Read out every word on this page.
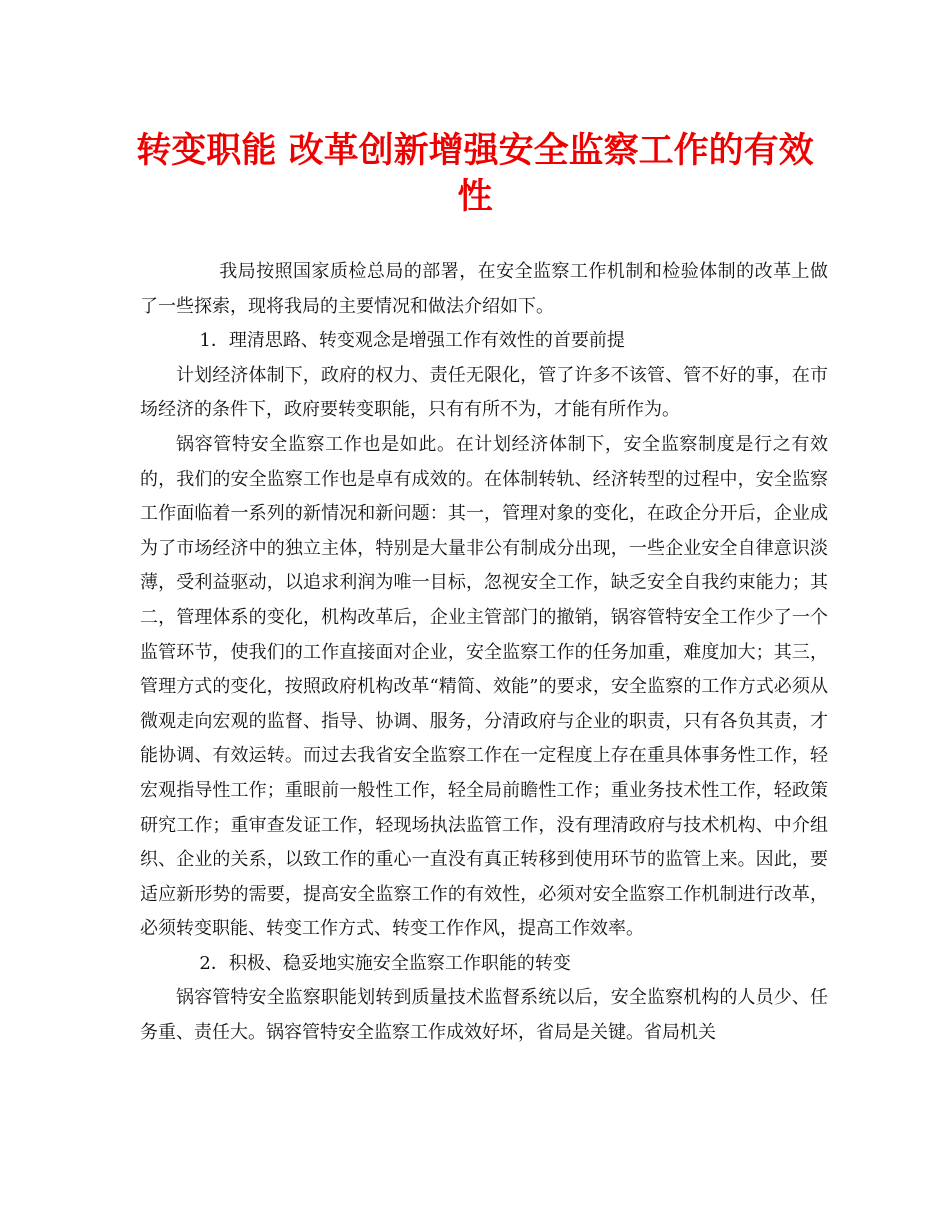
转变职能 改革创新增强安全监察工作的有效性

我局按照国家质检总局的部署，在安全监察工作机制和检验体制的改革上做了一些探索，现将我局的主要情况和做法介绍如下。

1．理清思路、转变观念是增强工作有效性的首要前提

计划经济体制下，政府的权力、责任无限化，管了许多不该管、管不好的事，在市场经济的条件下，政府要转变职能，只有有所不为，才能有所作为。

锅容管特安全监察工作也是如此。在计划经济体制下，安全监察制度是行之有效的，我们的安全监察工作也是卓有成效的。在体制转轨、经济转型的过程中，安全监察工作面临着一系列的新情况和新问题：其一，管理对象的变化，在政企分开后，企业成为了市场经济中的独立主体，特别是大量非公有制成分出现，一些企业安全自律意识淡薄，受利益驱动，以追求利润为唯一目标，忽视安全工作，缺乏安全自我约束能力；其二，管理体系的变化，机构改革后，企业主管部门的撤销，锅容管特安全工作少了一个监管环节，使我们的工作直接面对企业，安全监察工作的任务加重，难度加大；其三，管理方式的变化，按照政府机构改革“精简、效能”的要求，安全监察的工作方式必须从微观走向宏观的监督、指导、协调、服务，分清政府与企业的职责，只有各负其责，才能协调、有效运转。而过去我省安全监察工作在一定程度上存在重具体事务性工作，轻宏观指导性工作；重眼前一般性工作，轻全局前瞻性工作；重业务技术性工作，轻政策研究工作；重审查发证工作，轻现场执法监管工作，没有理清政府与技术机构、中介组织、企业的关系，以致工作的重心一直没有真正转移到使用环节的监管上来。因此，要适应新形势的需要，提高安全监察工作的有效性，必须对安全监察工作机制进行改革，必须转变职能、转变工作方式、转变工作作风，提高工作效率。

2．积极、稳妥地实施安全监察工作职能的转变

锅容管特安全监察职能划转到质量技术监督系统以后，安全监察机构的人员少、任务重、责任大。锅容管特安全监察工作成效好坏，省局是关键。省局机关
